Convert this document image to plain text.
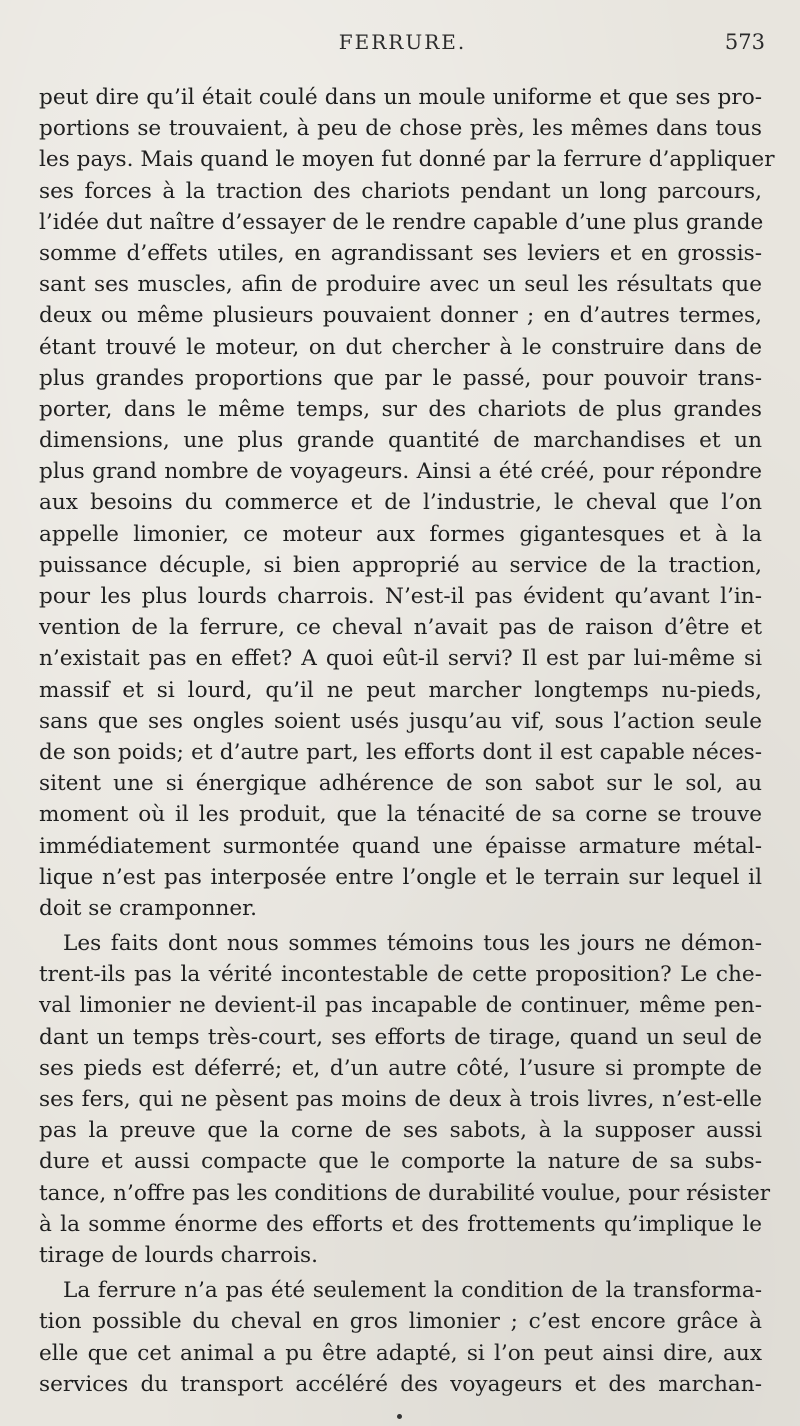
FERRURE.	573
peut dire qu’il était coulé dans un moule uniforme et que ses pro-
portions se trouvaient, à peu de chose près, les mêmes dans tous
les pays. Mais quand le moyen fut donné par la ferrure d’appliquer
ses forces à la traction des chariots pendant un long parcours,
l’idée dut naître d’essayer de le rendre capable d’une plus grande
somme d’effets utiles, en agrandissant ses leviers et en grossis-
sant ses muscles, afin de produire avec un seul les résultats que
deux ou même plusieurs pouvaient donner ; en d’autres termes,
étant trouvé le moteur, on dut chercher à le construire dans de
plus grandes proportions que par le passé, pour pouvoir trans-
porter, dans le même temps, sur des chariots de plus grandes
dimensions, une plus grande quantité de marchandises et un
plus grand nombre de voyageurs. Ainsi a été créé, pour répondre
aux besoins du commerce et de l’industrie, le cheval que l’on
appelle limonier, ce moteur aux formes gigantesques et à la
puissance décuple, si bien approprié au service de la traction,
pour les plus lourds charrois. N’est-il pas évident qu’avant l’in-
vention de la ferrure, ce cheval n’avait pas de raison d’être et
n’existait pas en effet? A quoi eût-il servi? Il est par lui-même si
massif et si lourd, qu’il ne peut marcher longtemps nu-pieds,
sans que ses ongles soient usés jusqu’au vif, sous l’action seule
de son poids; et d’autre part, les efforts dont il est capable néces-
sitent une si énergique adhérence de son sabot sur le sol, au
moment où il les produit, que la ténacité de sa corne se trouve
immédiatement surmontée quand une épaisse armature métal-
lique n’est pas interposée entre l’ongle et le terrain sur lequel il
doit se cramponner.
Les faits dont nous sommes témoins tous les jours ne démon-
trent-ils pas la vérité incontestable de cette proposition? Le che-
val limonier ne devient-il pas incapable de continuer, même pen-
dant un temps très-court, ses efforts de tirage, quand un seul de
ses pieds est déferré; et, d’un autre côté, l’usure si prompte de
ses fers, qui ne pèsent pas moins de deux à trois livres, n’est-elle
pas la preuve que la corne de ses sabots, à la supposer aussi
dure et aussi compacte que le comporte la nature de sa subs-
tance, n’offre pas les conditions de durabilité voulue, pour résister
à la somme énorme des efforts et des frottements qu’implique le
tirage de lourds charrois.
La ferrure n’a pas été seulement la condition de la transforma-
tion possible du cheval en gros limonier ; c’est encore grâce à
elle que cet animal a pu être adapté, si l’on peut ainsi dire, aux
services du transport accéléré des voyageurs et des marchan-
